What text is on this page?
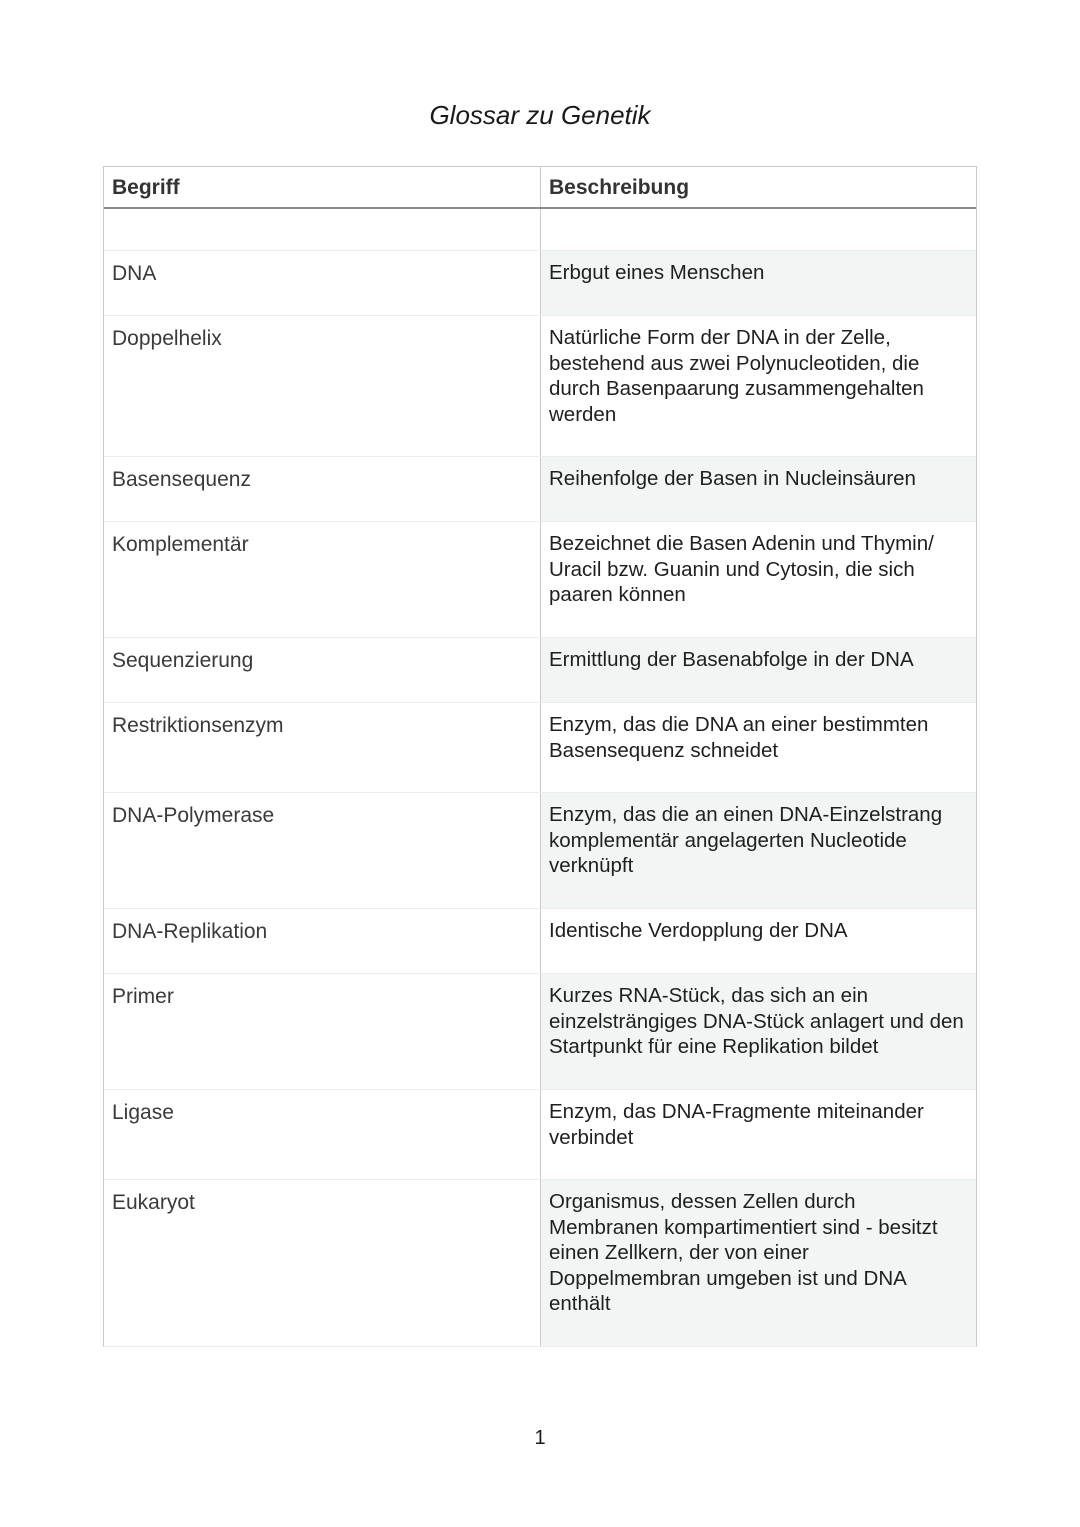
Glossar zu Genetik
Begriff	Beschreibung
DNA	Erbgut eines Menschen
Doppelhelix	Natürliche Form der DNA in der Zelle, bestehend aus zwei Polynucleotiden, die durch Basenpaarung zusammengehalten werden
Basensequenz	Reihenfolge der Basen in Nucleinsäuren
Komplementär	Bezeichnet die Basen Adenin und Thymin/ Uracil bzw. Guanin und Cytosin, die sich paaren können
Sequenzierung	Ermittlung der Basenabfolge in der DNA
Restriktionsenzym	Enzym, das die DNA an einer bestimmten Basensequenz schneidet
DNA-Polymerase	Enzym, das die an einen DNA-Einzelstrang komplementär angelagerten Nucleotide verknüpft
DNA-Replikation	Identische Verdopplung der DNA
Primer	Kurzes RNA-Stück, das sich an ein einzelsträngiges DNA-Stück anlagert und den Startpunkt für eine Replikation bildet
Ligase	Enzym, das DNA-Fragmente miteinander verbindet
Eukaryot	Organismus, dessen Zellen durch Membranen kompartimentiert sind - besitzt einen Zellkern, der von einer Doppelmembran umgeben ist und DNA enthält
1
